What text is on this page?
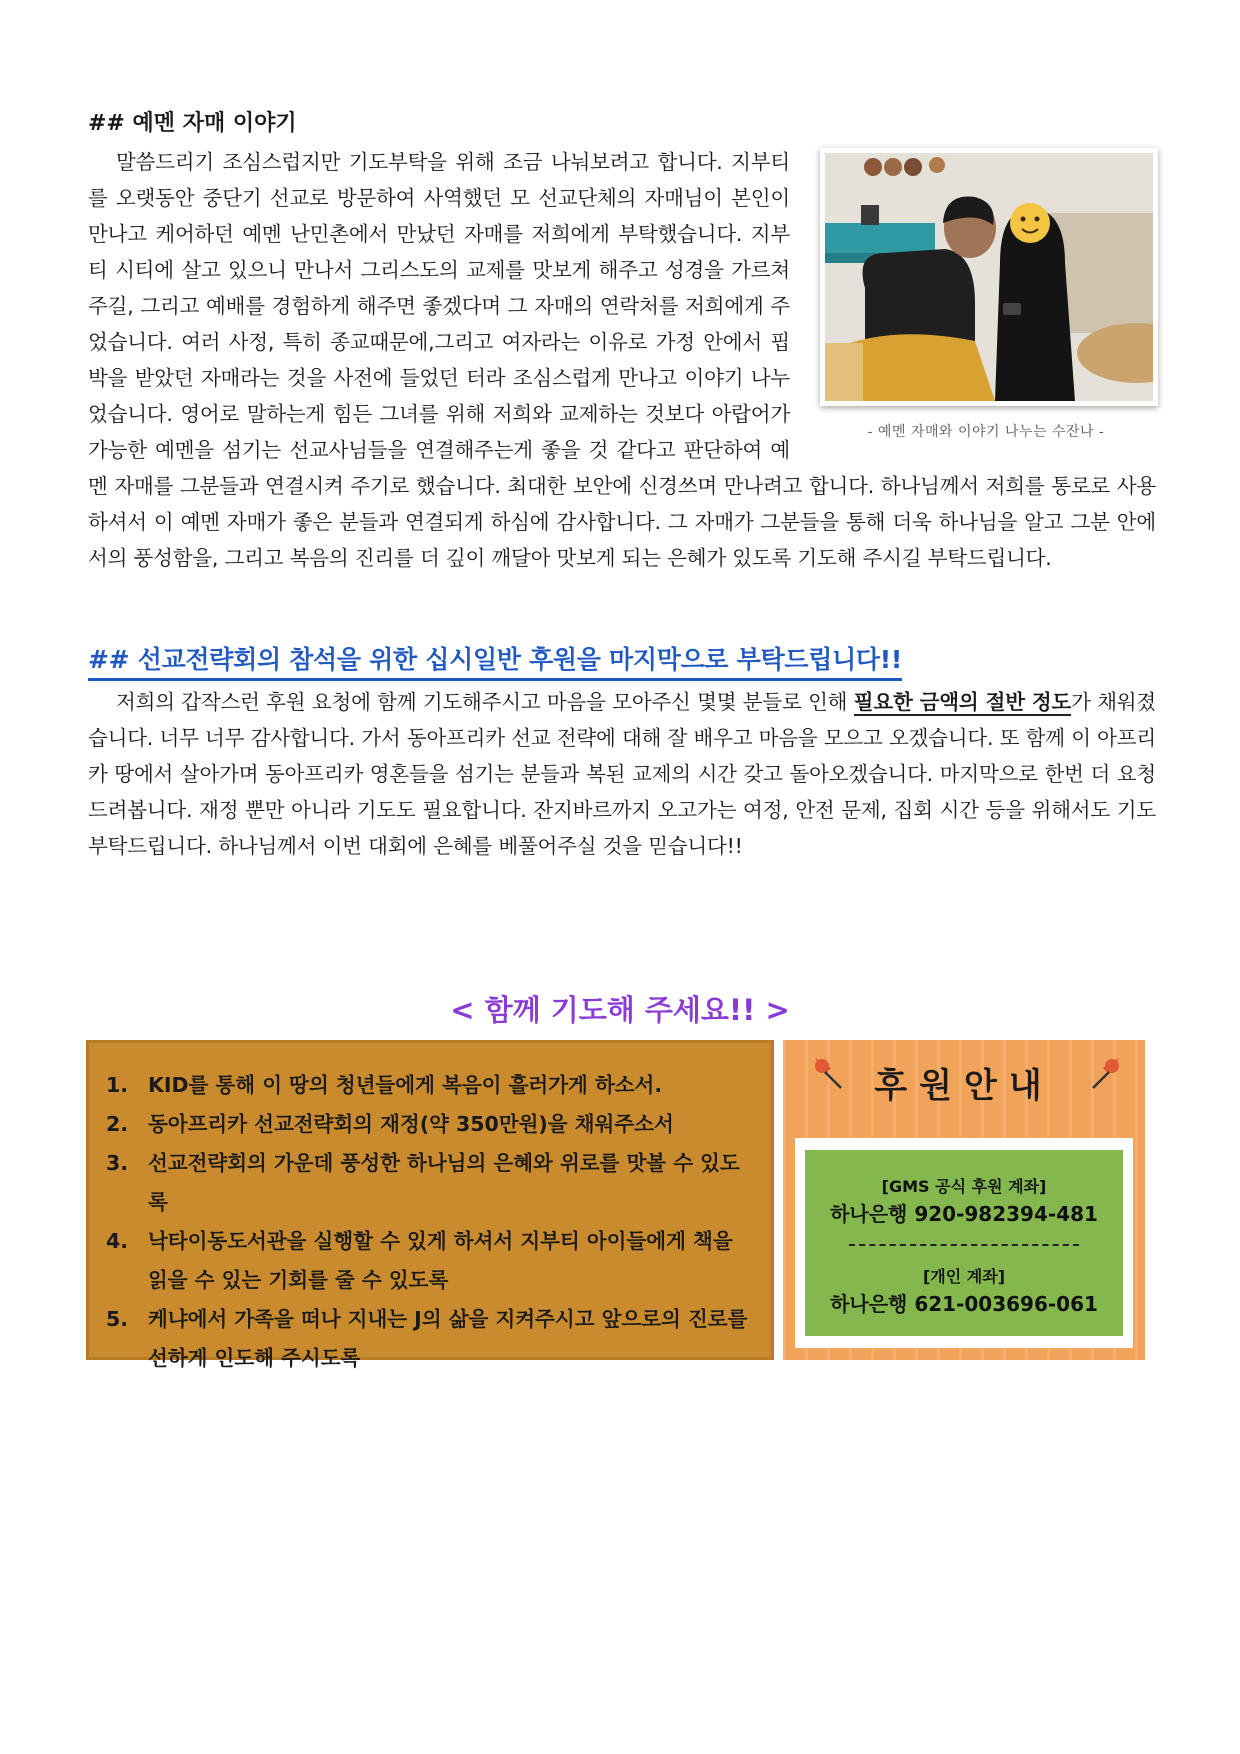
## 예멘 자매 이야기
- 예멘 자매와 이야기 나누는 수잔나 -
말씀드리기 조심스럽지만 기도부탁을 위해 조금 나눠보려고 합니다. 지부티를 오랫동안 중단기 선교로 방문하여 사역했던 모 선교단체의 자매님이 본인이 만나고 케어하던 예멘 난민촌에서 만났던 자매를 저희에게 부탁했습니다. 지부티 시티에 살고 있으니 만나서 그리스도의 교제를 맛보게 해주고 성경을 가르쳐 주길, 그리고 예배를 경험하게 해주면 좋겠다며 그 자매의 연락처를 저희에게 주었습니다. 여러 사정, 특히 종교때문에,그리고 여자라는 이유로 가정 안에서 핍박을 받았던 자매라는 것을 사전에 들었던 터라 조심스럽게 만나고 이야기 나누었습니다. 영어로 말하는게 힘든 그녀를 위해 저희와 교제하는 것보다 아랍어가 가능한 예멘을 섬기는 선교사님들을 연결해주는게 좋을 것 같다고 판단하여 예멘 자매를 그분들과 연결시켜 주기로 했습니다. 최대한 보안에 신경쓰며 만나려고 합니다. 하나님께서 저희를 통로로 사용하셔서 이 예멘 자매가 좋은 분들과 연결되게 하심에 감사합니다. 그 자매가 그분들을 통해 더욱 하나님을 알고 그분 안에서의 풍성함을, 그리고 복음의 진리를 더 깊이 깨달아 맛보게 되는 은혜가 있도록 기도해 주시길 부탁드립니다.
## 선교전략회의 참석을 위한 십시일반 후원을 마지막으로 부탁드립니다!!

저희의 갑작스런 후원 요청에 함께 기도해주시고 마음을 모아주신 몇몇 분들로 인해 필요한 금액의 절반 정도가 채워졌습니다. 너무 너무 감사합니다. 가서 동아프리카 선교 전략에 대해 잘 배우고 마음을 모으고 오겠습니다. 또 함께 이 아프리카 땅에서 살아가며 동아프리카 영혼들을 섬기는 분들과 복된 교제의 시간 갖고 돌아오겠습니다. 마지막으로 한번 더 요청드려봅니다. 재정 뿐만 아니라 기도도 필요합니다. 잔지바르까지 오고가는 여정, 안전 문제, 집회 시간 등을 위해서도 기도부탁드립니다. 하나님께서 이번 대회에 은혜를 베풀어주실 것을 믿습니다!!

< 함께 기도해 주세요!! >
1. KID를 통해 이 땅의 청년들에게 복음이 흘러가게 하소서.
2. 동아프리카 선교전략회의 재정(약 350만원)을 채워주소서
3. 선교전략회의 가운데 풍성한 하나님의 은혜와 위로를 맛볼 수 있도록
4. 낙타이동도서관을 실행할 수 있게 하셔서 지부티 아이들에게 책을 읽을 수 있는 기회를 줄 수 있도록
5. 케냐에서 가족을 떠나 지내는 J의 삶을 지켜주시고 앞으로의 진로를 선하게 인도해 주시도록
후원안내
[GMS 공식 후원 계좌]
하나은행 920-982394-481
[개인 계좌]
하나은행 621-003696-061
